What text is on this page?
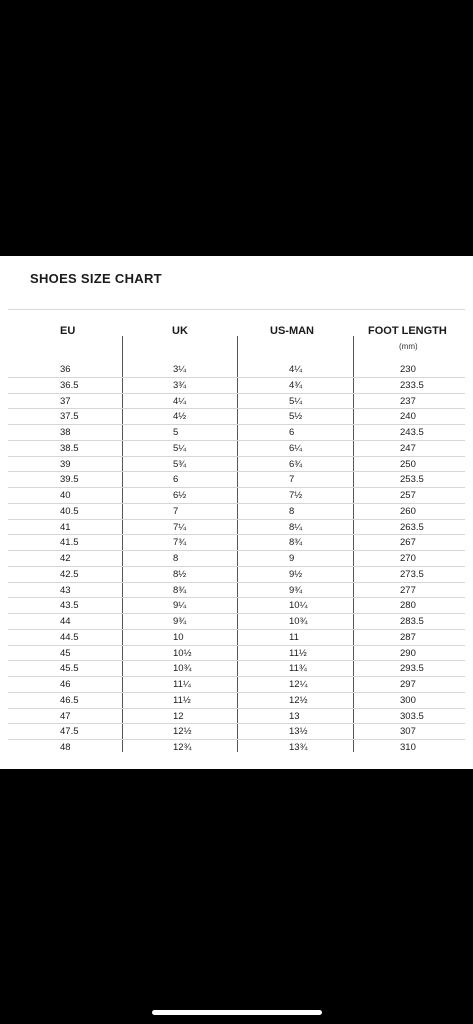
SHOES SIZE CHART
EU	UK	US-MAN	FOOT LENGTH
(mm)
36	3¼	4¼	230
36.5	3¾	4¾	233.5
37	4¼	5¼	237
37.5	4½	5½	240
38	5	6	243.5
38.5	5¼	6¼	247
39	5¾	6¾	250
39.5	6	7	253.5
40	6½	7½	257
40.5	7	8	260
41	7¼	8¼	263.5
41.5	7¾	8¾	267
42	8	9	270
42.5	8½	9½	273.5
43	8¾	9¾	277
43.5	9¼	10¼	280
44	9¾	10¾	283.5
44.5	10	11	287
45	10½	11½	290
45.5	10¾	11¾	293.5
46	11¼	12¼	297
46.5	11½	12½	300
47	12	13	303.5
47.5	12½	13½	307
48	12¾	13¾	310
